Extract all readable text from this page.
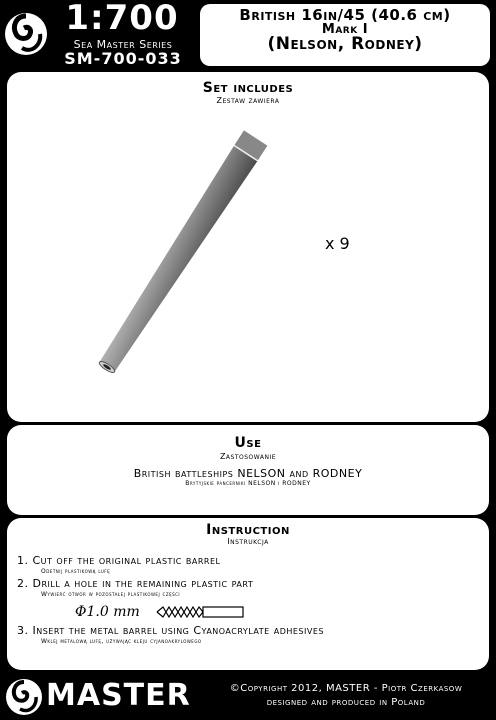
1:700
Sea Master Series
SM-700-033
British 16in/45 (40.6 cm)
Mark I
(Nelson, Rodney)
Lufy brytyjskich dział 406mm Mark I
Set includes
Zestaw zawiera
x 9
Use
Zastosowanie
British battleships NELSON and RODNEY
Brytyjskie pancerniki NELSON i RODNEY
Instruction
Instrukcja
1. Cut off the original plastic barrel
Odetnij plastikową lufę
2. Drill a hole in the remaining plastic part
Wywierć otwór w pozostałej plastikowej części
Φ1.0 mm
3. Insert the metal barrel using Cyanoacrylate adhesives
Wklej metalową lufę, używając kleju cyjanoakrylowego
MASTER	©Copyright 2012, MASTER - Piotr Czerkasow
designed and produced in Poland
